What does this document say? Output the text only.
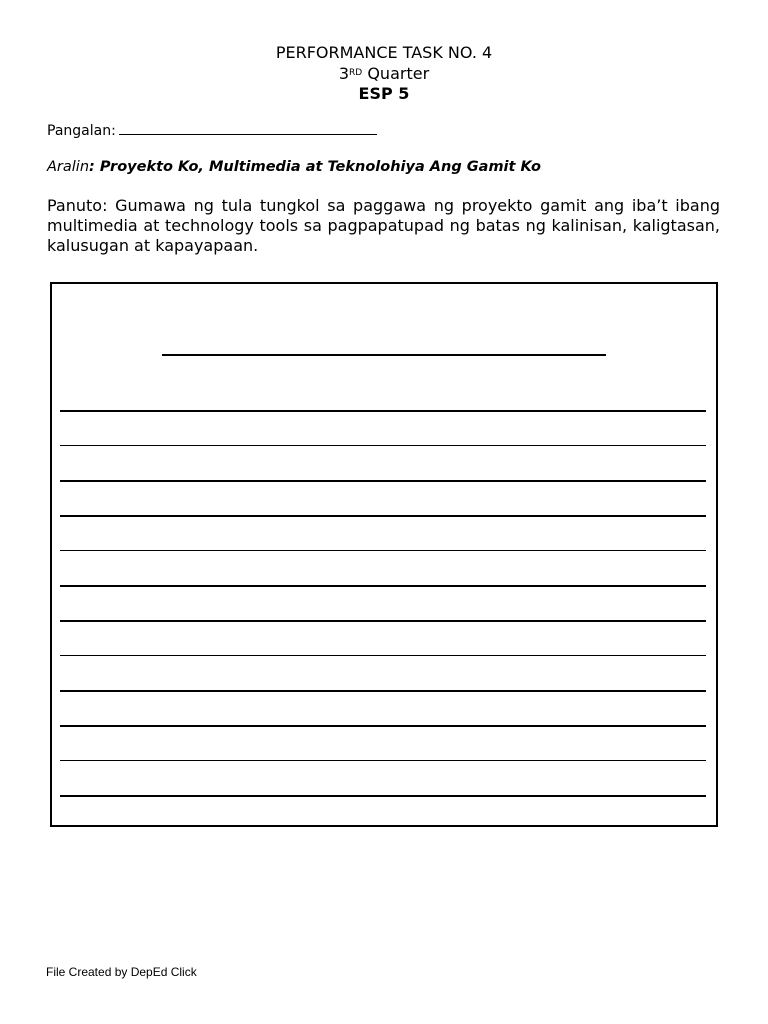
PERFORMANCE TASK NO. 4
3RD Quarter
ESP 5
Pangalan:
Aralin: Proyekto Ko, Multimedia at Teknolohiya Ang Gamit Ko
Panuto: Gumawa ng tula tungkol sa paggawa ng proyekto gamit ang iba’t ibang multimedia at technology tools sa pagpapatupad ng batas ng kalinisan, kaligtasan, kalusugan at kapayapaan.
File Created by DepEd Click
